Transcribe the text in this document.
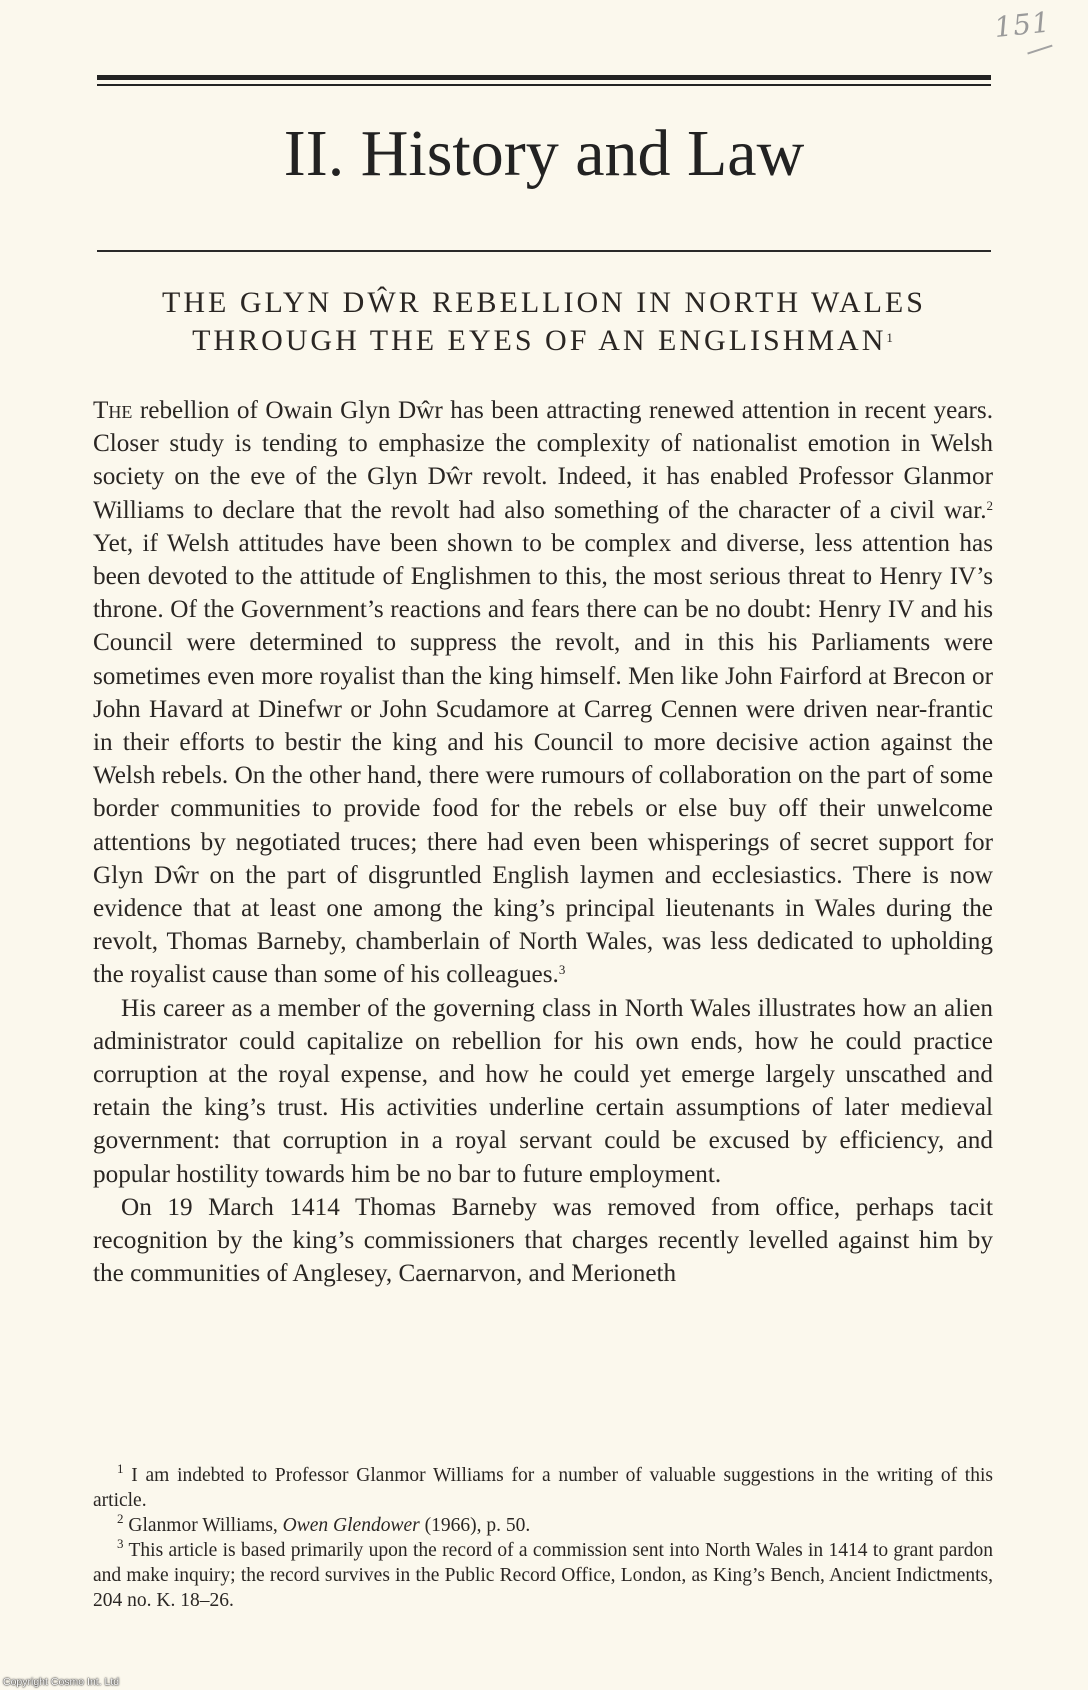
151
II. History and Law
THE GLYN DŴR REBELLION IN NORTH WALES
THROUGH THE EYES OF AN ENGLISHMAN$^1$

The rebellion of Owain Glyn Dŵr has been attracting renewed attention in recent years. Closer study is tending to emphasize the complexity of nationalist emotion in Welsh society on the eve of the Glyn Dŵr revolt. Indeed, it has enabled Professor Glanmor Williams to declare that the revolt had also something of the character of a civil war.$^2$ Yet, if Welsh attitudes have been shown to be complex and diverse, less attention has been devoted to the attitude of Englishmen to this, the most serious threat to Henry IV’s throne. Of the Government’s reactions and fears there can be no doubt: Henry IV and his Council were determined to suppress the revolt, and in this his Parliaments were sometimes even more royalist than the king himself. Men like John Fairford at Brecon or John Havard at Dinefwr or John Scudamore at Carreg Cennen were driven near-frantic in their efforts to bestir the king and his Council to more decisive action against the Welsh rebels. On the other hand, there were rumours of collaboration on the part of some border communities to provide food for the rebels or else buy off their unwelcome attentions by negotiated truces; there had even been whisperings of secret support for Glyn Dŵr on the part of disgruntled English laymen and ecclesiastics. There is now evidence that at least one among the king’s principal lieutenants in Wales during the revolt, Thomas Barneby, chamberlain of North Wales, was less dedicated to upholding the royalist cause than some of his colleagues.$^3$

His career as a member of the governing class in North Wales illustrates how an alien administrator could capitalize on rebellion for his own ends, how he could practice corruption at the royal expense, and how he could yet emerge largely unscathed and retain the king’s trust. His activities underline certain assumptions of later medieval government: that corruption in a royal servant could be excused by efficiency, and popular hostility towards him be no bar to future employment.

On 19 March 1414 Thomas Barneby was removed from office, perhaps tacit recognition by the king’s commissioners that charges recently levelled against him by the communities of Anglesey, Caernarvon, and Merioneth

$^1$ I am indebted to Professor Glanmor Williams for a number of valuable suggestions in the writing of this article.

$^2$ Glanmor Williams, Owen Glendower (1966), p. 50.

$^3$ This article is based primarily upon the record of a commission sent into North Wales in 1414 to grant pardon and make inquiry; the record survives in the Public Record Office, London, as King’s Bench, Ancient Indictments, 204 no. K. 18–26.

Copyright Cosmo Int. Ltd
